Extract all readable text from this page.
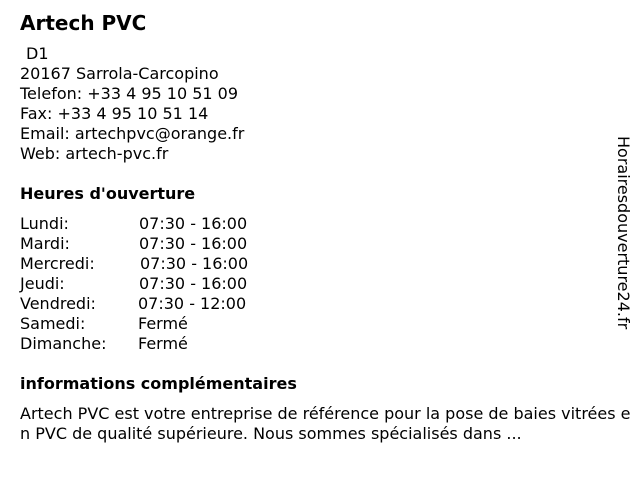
Artech PVC
D1
20167 Sarrola-Carcopino
Telefon: +33 4 95 10 51 09
Fax: +33 4 95 10 51 14
Email: artechpvc@orange.fr
Web: artech-pvc.fr
Heures d'ouverture
Lundi:	07:30 - 16:00
Mardi:	07:30 - 16:00
Mercredi:	07:30 - 16:00
Jeudi:	07:30 - 16:00
Vendredi:	07:30 - 12:00
Samedi:	Fermé
Dimanche: Fermé
informations complémentaires
Artech PVC est votre entreprise de référence pour la pose de baies vitrées en PVC de qualité supérieure. Nous sommes spécialisés dans ...
Horairesdouverture24.fr
